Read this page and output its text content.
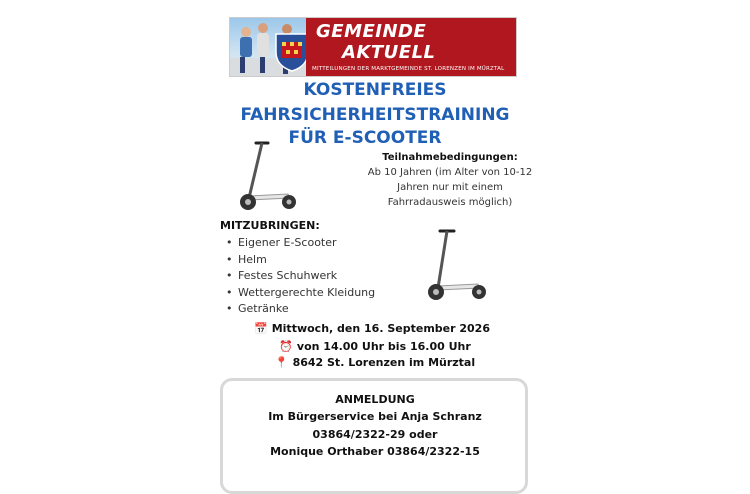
GEMEINDE
AKTUELL
MITTEILUNGEN DER MARKTGEMEINDE ST. LORENZEN IM MÜRZTAL
KOSTENFREIES
FAHRSICHERHEITSTRAINING
FÜR E-SCOOTER
Teilnahmebedingungen:
Ab 10 Jahren (im Alter von 10-12
Jahren nur mit einem
Fahrradausweis möglich)
MITZUBRINGEN:
• Eigener E-Scooter
• Helm
• Festes Schuhwerk
• Wettergerechte Kleidung
• Getränke
📅 Mittwoch, den 16. September 2026
⏰ von 14.00 Uhr bis 16.00 Uhr
📍 8642 St. Lorenzen im Mürztal
ANMELDUNG
Im Bürgerservice bei Anja Schranz
03864/2322-29 oder
Monique Orthaber 03864/2322-15
